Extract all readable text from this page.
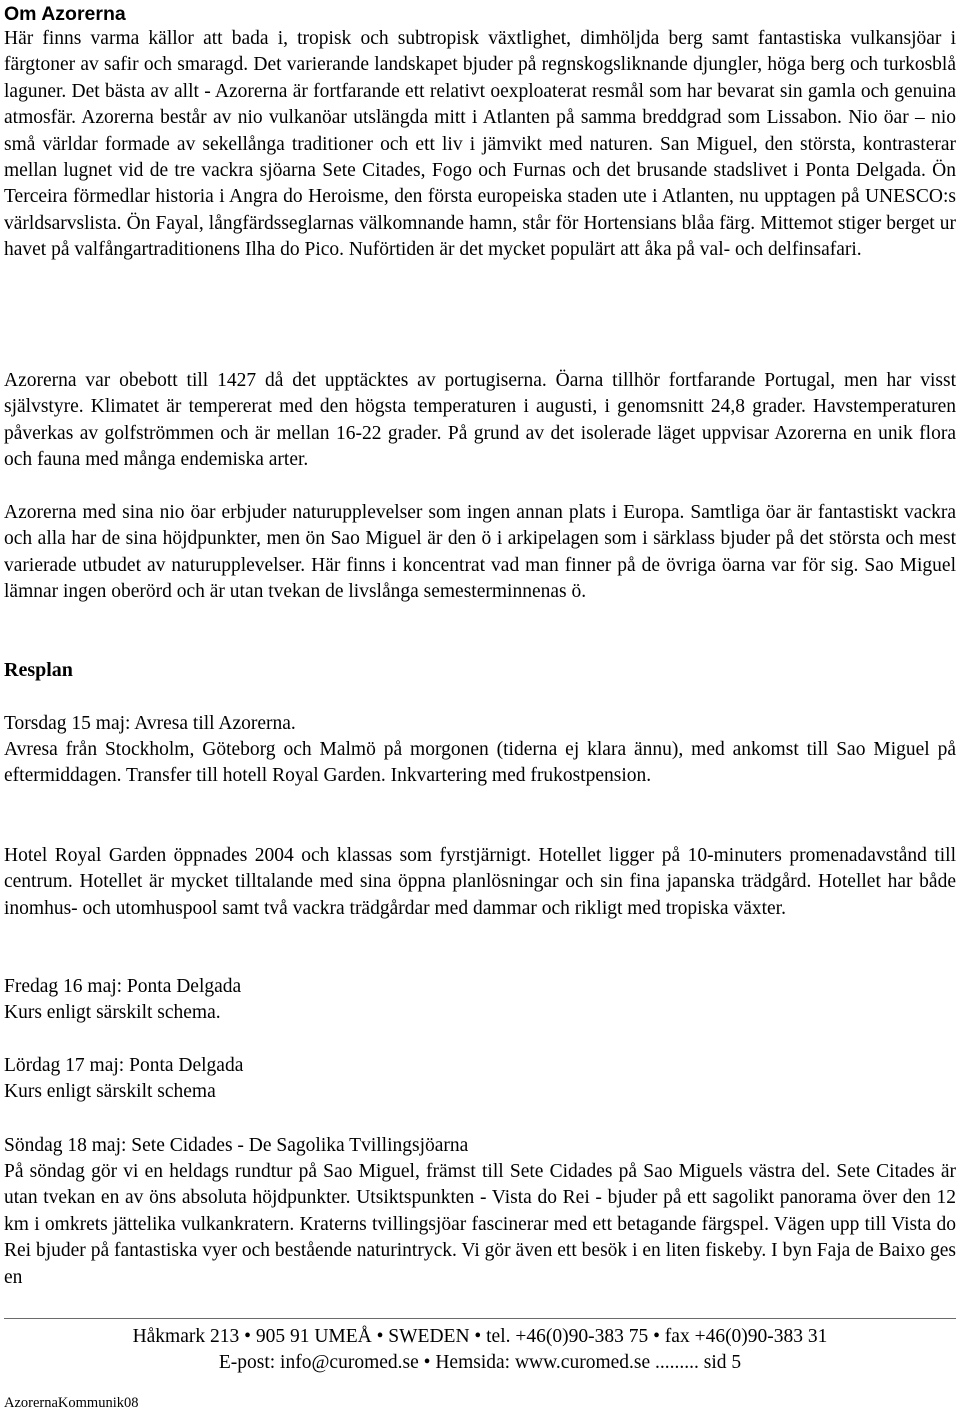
Om Azorerna

Här finns varma källor att bada i, tropisk och subtropisk växtlighet, dimhöljda berg samt fantastiska vulkansjöar i färgtoner av safir och smaragd. Det varierande landskapet bjuder på regnskogsliknande djungler, höga berg och turkosblå laguner. Det bästa av allt - Azorerna är fortfarande ett relativt oexploaterat resmål som har bevarat sin gamla och genuina atmosfär. Azorerna består av nio vulkanöar utslängda mitt i Atlanten på samma breddgrad som Lissabon. Nio öar – nio små världar formade av sekellånga traditioner och ett liv i jämvikt med naturen. San Miguel, den största, kontrasterar mellan lugnet vid de tre vackra sjöarna Sete Citades, Fogo och Furnas och det brusande stadslivet i Ponta Delgada. Ön Terceira förmedlar historia i Angra do Heroisme, den första europeiska staden ute i Atlanten, nu upptagen på UNESCO:s världsarvslista. Ön Fayal, långfärdsseglarnas välkomnande hamn, står för Hortensians blåa färg. Mittemot stiger berget ur havet på valfångartraditionens Ilha do Pico. Nuförtiden är det mycket populärt att åka på val- och delfinsafari.

Azorerna var obebott till 1427 då det upptäcktes av portugiserna. Öarna tillhör fortfarande Portugal, men har visst självstyre. Klimatet är tempererat med den högsta temperaturen i augusti, i genomsnitt 24,8 grader. Havstemperaturen påverkas av golfströmmen och är mellan 16-22 grader. På grund av det isolerade läget uppvisar Azorerna en unik flora och fauna med många endemiska arter.

Azorerna med sina nio öar erbjuder naturupplevelser som ingen annan plats i Europa. Samtliga öar är fantastiskt vackra och alla har de sina höjdpunkter, men ön Sao Miguel är den ö i arkipelagen som i särklass bjuder på det största och mest varierade utbudet av naturupplevelser. Här finns i koncentrat vad man finner på de övriga öarna var för sig. Sao Miguel lämnar ingen oberörd och är utan tvekan de livslånga semesterminnenas ö.

Resplan

Torsdag 15 maj: Avresa till Azorerna.

Avresa från Stockholm, Göteborg och Malmö på morgonen (tiderna ej klara ännu), med ankomst till Sao Miguel på eftermiddagen. Transfer till hotell Royal Garden. Inkvartering med frukostpension.

Hotel Royal Garden öppnades 2004 och klassas som fyrstjärnigt. Hotellet ligger på 10-minuters promenadavstånd till centrum. Hotellet är mycket tilltalande med sina öppna planlösningar och sin fina japanska trädgård. Hotellet har både inomhus- och utomhuspool samt två vackra trädgårdar med dammar och rikligt med tropiska växter.

Fredag 16 maj: Ponta Delgada

Kurs enligt särskilt schema.

Lördag 17 maj: Ponta Delgada

Kurs enligt särskilt schema

Söndag 18 maj: Sete Cidades - De Sagolika Tvillingsjöarna

På söndag gör vi en heldags rundtur på Sao Miguel, främst till Sete Cidades på Sao Miguels västra del. Sete Citades är utan tvekan en av öns absoluta höjdpunkter. Utsiktspunkten - Vista do Rei - bjuder på ett sagolikt panorama över den 12 km i omkrets jättelika vulkankratern. Kraterns tvillingsjöar fascinerar med ett betagande färgspel. Vägen upp till Vista do Rei bjuder på fantastiska vyer och bestående naturintryck. Vi gör även ett besök i en liten fiskeby. I byn Faja de Baixo ges en

Håkmark 213 • 905 91 UMEÅ • SWEDEN • tel. +46(0)90-383 75 • fax +46(0)90-383 31

E-post: info@curomed.se • Hemsida: www.curomed.se ......... sid 5

AzorernaKommunik08
